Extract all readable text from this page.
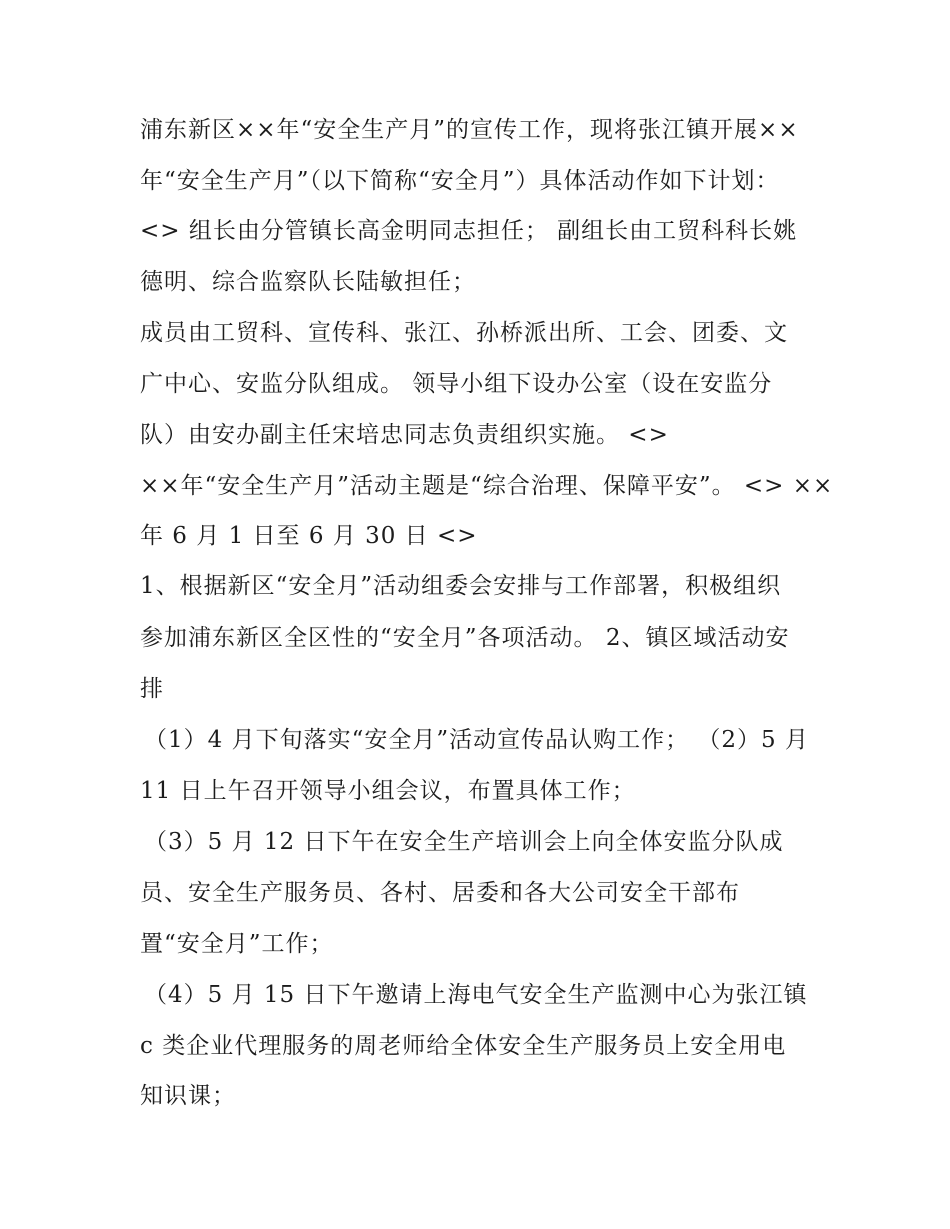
浦东新区××年“安全生产月”的宣传工作，现将张江镇开展××
年“安全生产月”（以下简称“安全月”）具体活动作如下计划：
<> 组长由分管镇长高金明同志担任； 副组长由工贸科科长姚
德明、综合监察队长陆敏担任；
成员由工贸科、宣传科、张江、孙桥派出所、工会、团委、文
广中心、安监分队组成。 领导小组下设办公室（设在安监分
队）由安办副主任宋培忠同志负责组织实施。 <>
××年“安全生产月”活动主题是“综合治理、保障平安”。 <> ××
年 6 月 1 日至 6 月 30 日 <>
1、根据新区“安全月”活动组委会安排与工作部署，积极组织
参加浦东新区全区性的“安全月”各项活动。 2、镇区域活动安
排
（1）4 月下旬落实“安全月”活动宣传品认购工作； （2）5 月
11 日上午召开领导小组会议，布置具体工作；
（3）5 月 12 日下午在安全生产培训会上向全体安监分队成
员、安全生产服务员、各村、居委和各大公司安全干部布
置“安全月”工作；
（4）5 月 15 日下午邀请上海电气安全生产监测中心为张江镇
c 类企业代理服务的周老师给全体安全生产服务员上安全用电
知识课；
